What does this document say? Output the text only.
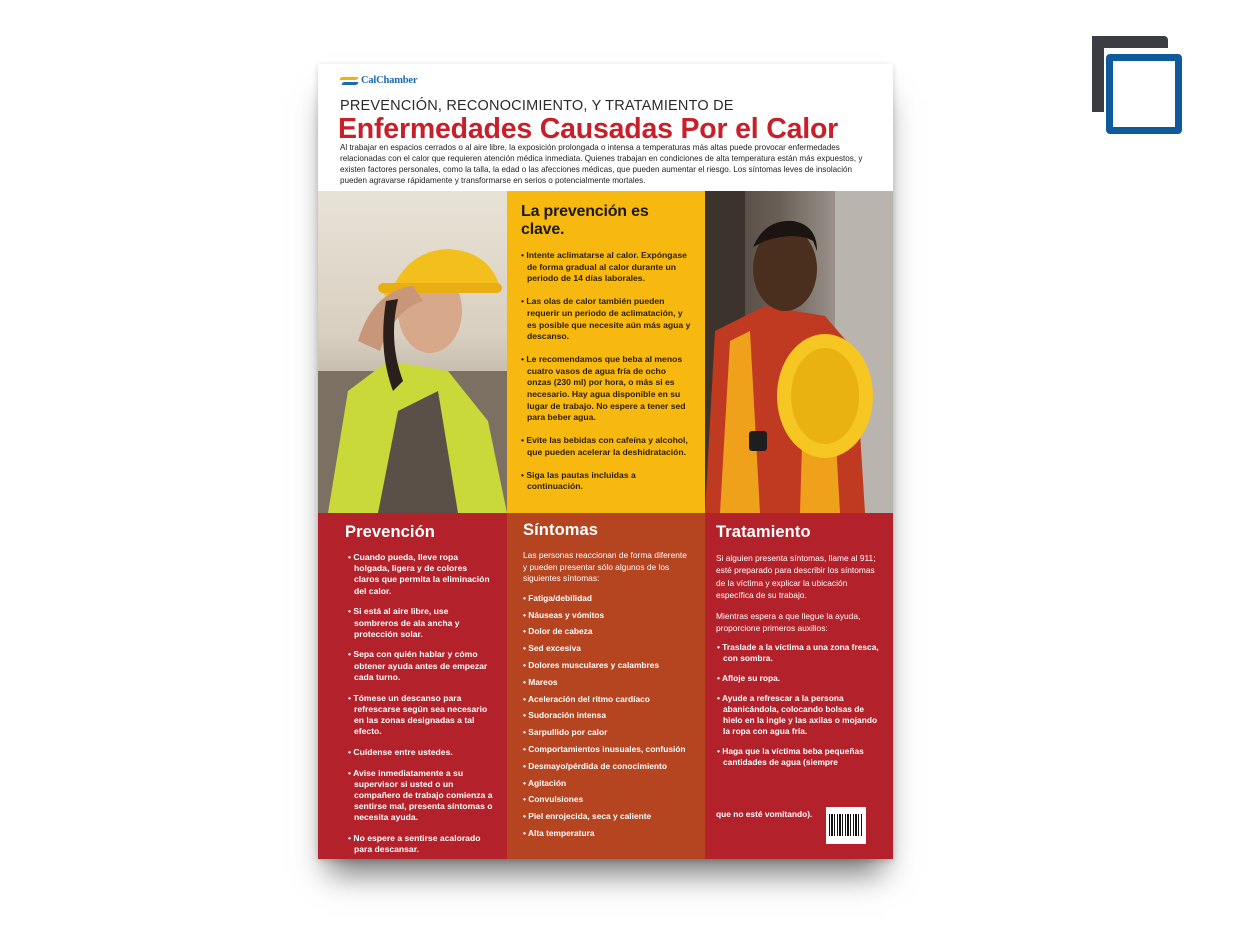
CalChamber
PREVENCIÓN, RECONOCIMIENTO, Y TRATAMIENTO DE
Enfermedades Causadas Por el Calor
Al trabajar en espacios cerrados o al aire libre, la exposición prolongada o intensa a temperaturas más altas puede provocar enfermedades relacionadas con el calor que requieren atención médica inmediata. Quienes trabajan en condiciones de alta temperatura están más expuestos, y existen factores personales, como la talla, la edad o las afecciones médicas, que pueden aumentar el riesgo. Los síntomas leves de insolación pueden agravarse rápidamente y transformarse en serios o potencialmente mortales.
La prevención es clave.
• Intente aclimatarse al calor. Expóngase de forma gradual al calor durante un periodo de 14 días laborales.
• Las olas de calor también pueden requerir un periodo de aclimatación, y es posible que necesite aún más agua y descanso.
• Le recomendamos que beba al menos cuatro vasos de agua fría de ocho onzas (230 ml) por hora, o más si es necesario. Hay agua disponible en su lugar de trabajo. No espere a tener sed para beber agua.
• Evite las bebidas con cafeína y alcohol, que pueden acelerar la deshidratación.
• Siga las pautas incluidas a continuación.
Prevención
• Cuando pueda, lleve ropa holgada, ligera y de colores claros que permita la eliminación del calor.
• Si está al aire libre, use sombreros de ala ancha y protección solar.
• Sepa con quién hablar y cómo obtener ayuda antes de empezar cada turno.
• Tómese un descanso para refrescarse según sea necesario en las zonas designadas a tal efecto.
• Cuídense entre ustedes.
• Avise inmediatamente a su supervisor si usted o un compañero de trabajo comienza a sentirse mal, presenta síntomas o necesita ayuda.
• No espere a sentirse acalorado para descansar.
Síntomas
Las personas reaccionan de forma diferente y pueden presentar sólo algunos de los siguientes síntomas:
• Fatiga/debilidad
• Náuseas y vómitos
• Dolor de cabeza
• Sed excesiva
• Dolores musculares y calambres
• Mareos
• Aceleración del ritmo cardíaco
• Sudoración intensa
• Sarpullido por calor
• Comportamientos inusuales, confusión
• Desmayo/pérdida de conocimiento
• Agitación
• Convulsiones
• Piel enrojecida, seca y caliente
• Alta temperatura
Tratamiento

Si alguien presenta síntomas, llame al 911; esté preparado para describir los síntomas de la víctima y explicar la ubicación específica de su trabajo.

Mientras espera a que llegue la ayuda, proporcione primeros auxilios:

• Traslade a la víctima a una zona fresca, con sombra.
• Afloje su ropa.
• Ayude a refrescar a la persona abanicándola, colocando bolsas de hielo en la ingle y las axilas o mojando la ropa con agua fría.
• Haga que la víctima beba pequeñas cantidades de agua (siempre
que no esté vomitando).
